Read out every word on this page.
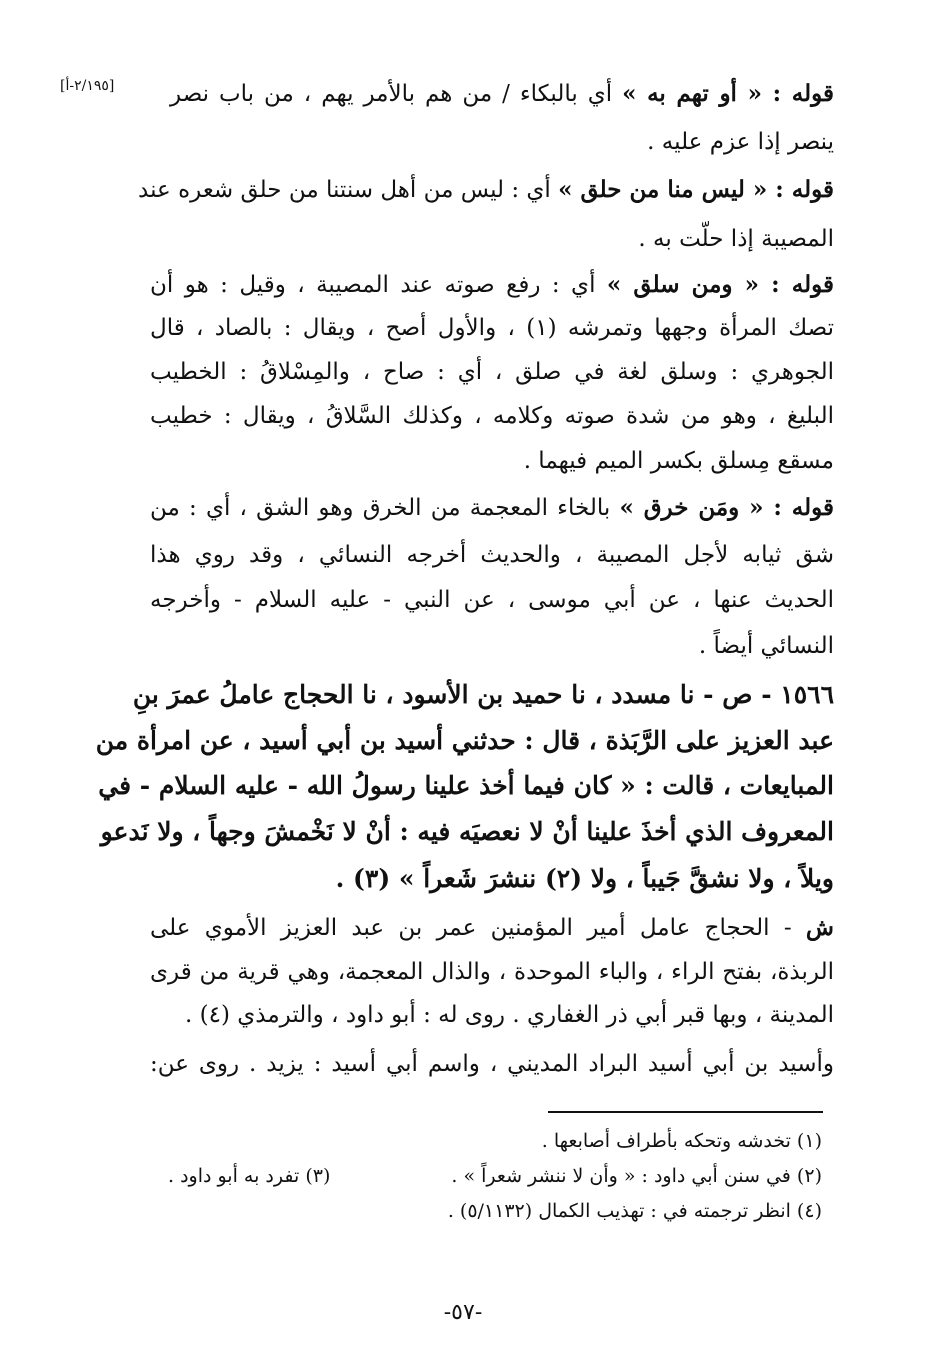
[٢/١٩٥-أ]	قوله : « أو تهم به » أي بالبكاء / من هم بالأمر يهم ، من باب نصر
ينصر إذا عزم عليه .
قوله : « ليس منا من حلق » أي : ليس من أهل سنتنا من حلق شعره عند
المصيبة إذا حلّت به .
قوله : « ومن سلق » أي : رفع صوته عند المصيبة ، وقيل : هو أن
تصك المرأة وجهها وتمرشه (١) ، والأول أصح ، ويقال : بالصاد ، قال
الجوهري : وسلق لغة في صلق ، أي : صاح ، والمِسْلاقُ : الخطيب
البليغ ، وهو من شدة صوته وكلامه ، وكذلك السَّلاقُ ، ويقال : خطيب
مسقع مِسلق بكسر الميم فيهما .
قوله : « ومَن خرق » بالخاء المعجمة من الخرق وهو الشق ، أي : من
شق ثيابه لأجل المصيبة ، والحديث أخرجه النسائي ، وقد روي هذا
الحديث عنها ، عن أبي موسى ، عن النبي - عليه السلام - وأخرجه
النسائي أيضاً .
١٥٦٦ - ص - نا مسدد ، نا حميد بن الأسود ، نا الحجاج عاملُ عمرَ بنِ
عبد العزيز على الرَّبَذة ، قال : حدثني أسيد بن أبي أسيد ، عن امرأة من
المبايعات ، قالت : « كان فيما أخذ علينا رسولُ الله - عليه السلام - في
المعروف الذي أخذَ علينا أنْ لا نعصيَه فيه : أنْ لا نَخْمشَ وجهاً ، ولا نَدعو
ويلاً ، ولا نشقَّ جَيباً ، ولا (٢) ننشرَ شَعراً » (٣) .
ش - الحجاج عامل أمير المؤمنين عمر بن عبد العزيز الأموي على
الربذة، بفتح الراء ، والباء الموحدة ، والذال المعجمة، وهي قرية من قرى
المدينة ، وبها قبر أبي ذر الغفاري . روى له : أبو داود ، والترمذي (٤) .
وأسيد بن أبي أسيد البراد المديني ، واسم أبي أسيد : يزيد . روى عن:
(١) تخدشه وتحكه بأطراف أصابعها .
(٢) في سنن أبي داود : « وأن لا ننشر شعراً » .
(٣) تفرد به أبو داود .
(٤) انظر ترجمته في : تهذيب الكمال (٥/١١٣٢) .
-٥٧-
